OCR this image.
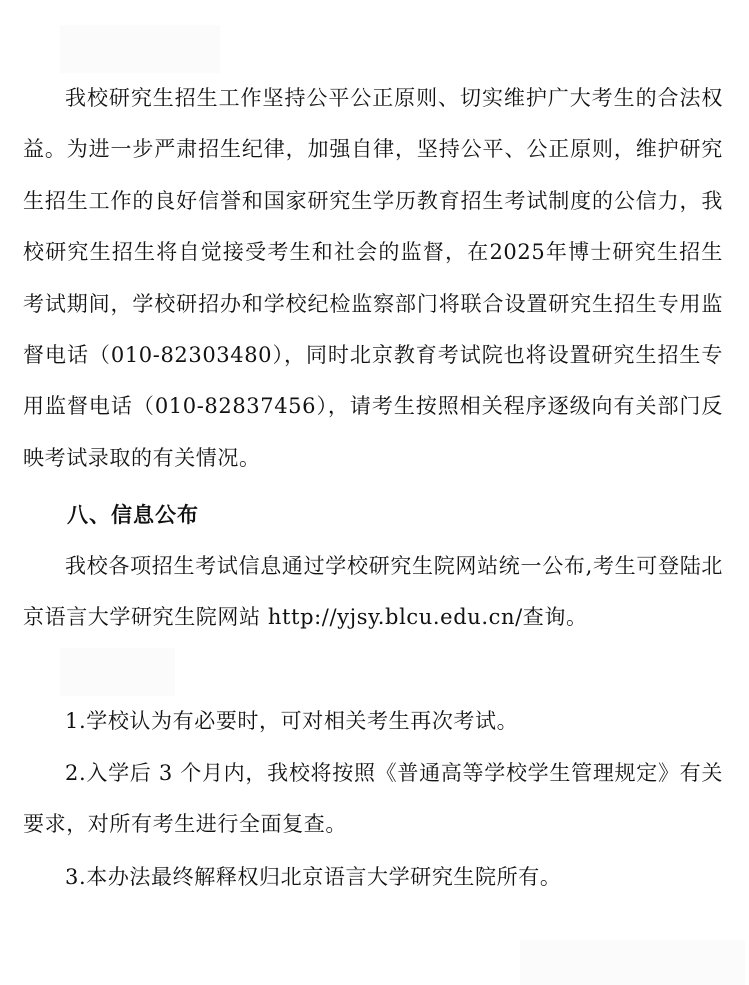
我校研究生招生工作坚持公平公正原则、切实维护广大考生的合法权益。为进一步严肃招生纪律，加强自律，坚持公平、公正原则，维护研究生招生工作的良好信誉和国家研究生学历教育招生考试制度的公信力，我校研究生招生将自觉接受考生和社会的监督，在2025年博士研究生招生考试期间，学校研招办和学校纪检监察部门将联合设置研究生招生专用监督电话（010-82303480），同时北京教育考试院也将设置研究生招生专用监督电话（010-82837456），请考生按照相关程序逐级向有关部门反映考试录取的有关情况。

八、信息公布

我校各项招生考试信息通过学校研究生院网站统一公布,考生可登陆北京语言大学研究生院网站 http://yjsy.blcu.edu.cn/查询。

1.学校认为有必要时，可对相关考生再次考试。

2.入学后 3 个月内，我校将按照《普通高等学校学生管理规定》有关要求，对所有考生进行全面复查。

3.本办法最终解释权归北京语言大学研究生院所有。
